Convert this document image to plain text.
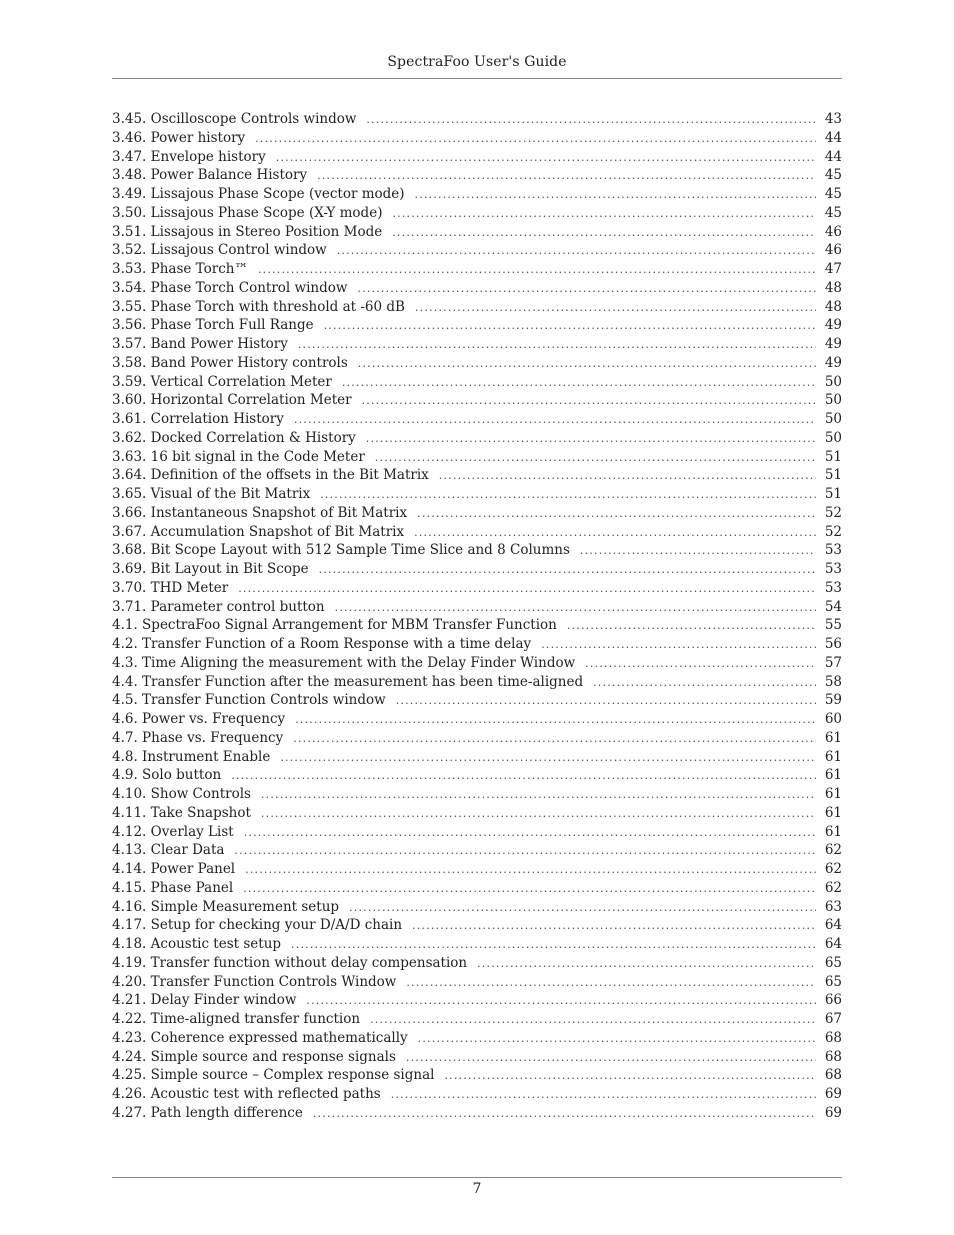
SpectraFoo User's Guide
3.45. Oscilloscope Controls window .....	43
3.46. Power history .....	44
3.47. Envelope history .....	44
3.48. Power Balance History .....	45
3.49. Lissajous Phase Scope (vector mode) .....	45
3.50. Lissajous Phase Scope (X-Y mode) .....	45
3.51. Lissajous in Stereo Position Mode .....	46
3.52. Lissajous Control window .....	46
3.53. Phase Torch™ .....	47
3.54. Phase Torch Control window .....	48
3.55. Phase Torch with threshold at -60 dB .....	48
3.56. Phase Torch Full Range .....	49
3.57. Band Power History .....	49
3.58. Band Power History controls .....	49
3.59. Vertical Correlation Meter .....	50
3.60. Horizontal Correlation Meter .....	50
3.61. Correlation History .....	50
3.62. Docked Correlation & History .....	50
3.63. 16 bit signal in the Code Meter .....	51
3.64. Definition of the offsets in the Bit Matrix .....	51
3.65. Visual of the Bit Matrix .....	51
3.66. Instantaneous Snapshot of Bit Matrix .....	52
3.67. Accumulation Snapshot of Bit Matrix .....	52
3.68. Bit Scope Layout with 512 Sample Time Slice and 8 Columns .....	53
3.69. Bit Layout in Bit Scope .....	53
3.70. THD Meter .....	53
3.71. Parameter control button .....	54
4.1. SpectraFoo Signal Arrangement for MBM Transfer Function .....	55
4.2. Transfer Function of a Room Response with a time delay .....	56
4.3. Time Aligning the measurement with the Delay Finder Window .....	57
4.4. Transfer Function after the measurement has been time-aligned .....	58
4.5. Transfer Function Controls window .....	59
4.6. Power vs. Frequency .....	60
4.7. Phase vs. Frequency .....	61
4.8. Instrument Enable .....	61
4.9. Solo button .....	61
4.10. Show Controls .....	61
4.11. Take Snapshot .....	61
4.12. Overlay List .....	61
4.13. Clear Data .....	62
4.14. Power Panel .....	62
4.15. Phase Panel .....	62
4.16. Simple Measurement setup .....	63
4.17. Setup for checking your D/A/D chain .....	64
4.18. Acoustic test setup .....	64
4.19. Transfer function without delay compensation .....	65
4.20. Transfer Function Controls Window .....	65
4.21. Delay Finder window .....	66
4.22. Time-aligned transfer function .....	67
4.23. Coherence expressed mathematically .....	68
4.24. Simple source and response signals .....	68
4.25. Simple source – Complex response signal .....	68
4.26. Acoustic test with reflected paths .....	69
4.27. Path length difference .....	69
7
